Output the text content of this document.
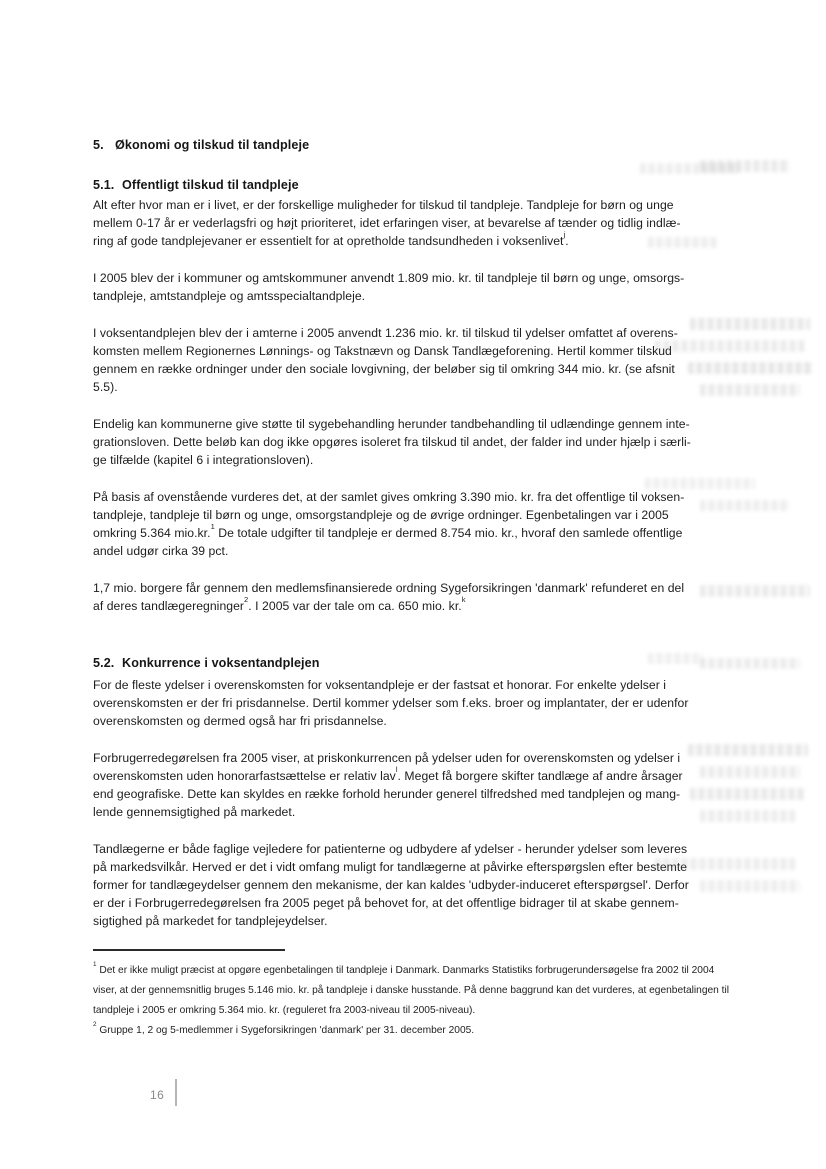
5. Økonomi og tilskud til tandpleje
5.1. Offentligt tilskud til tandpleje
Alt efter hvor man er i livet, er der forskellige muligheder for tilskud til tandpleje. Tandpleje for børn og unge
mellem 0-17 år er vederlagsfri og højt prioriteret, idet erfaringen viser, at bevarelse af tænder og tidlig indlæ-
ring af gode tandplejevaner er essentielt for at opretholde tandsundheden i voksenlivet$^j$.
I 2005 blev der i kommuner og amtskommuner anvendt 1.809 mio. kr. til tandpleje til børn og unge, omsorgs-
tandpleje, amtstandpleje og amtsspecialtandpleje.
I voksentandplejen blev der i amterne i 2005 anvendt 1.236 mio. kr. til tilskud til ydelser omfattet af overens-
komsten mellem Regionernes Lønnings- og Takstnævn og Dansk Tandlægeforening. Hertil kommer tilskud
gennem en række ordninger under den sociale lovgivning, der beløber sig til omkring 344 mio. kr. (se afsnit
5.5).
Endelig kan kommunerne give støtte til sygebehandling herunder tandbehandling til udlændinge gennem inte-
grationsloven. Dette beløb kan dog ikke opgøres isoleret fra tilskud til andet, der falder ind under hjælp i særli-
ge tilfælde (kapitel 6 i integrationsloven).
På basis af ovenstående vurderes det, at der samlet gives omkring 3.390 mio. kr. fra det offentlige til voksen-
tandpleje, tandpleje til børn og unge, omsorgstandpleje og de øvrige ordninger. Egenbetalingen var i 2005
omkring 5.364 mio.kr.$^1$ De totale udgifter til tandpleje er dermed 8.754 mio. kr., hvoraf den samlede offentlige
andel udgør cirka 39 pct.
1,7 mio. borgere får gennem den medlemsfinansierede ordning Sygeforsikringen 'danmark' refunderet en del
af deres tandlægeregninger$^2$. I 2005 var der tale om ca. 650 mio. kr.$^k$
5.2. Konkurrence i voksentandplejen
For de fleste ydelser i overenskomsten for voksentandpleje er der fastsat et honorar. For enkelte ydelser i
overenskomsten er der fri prisdannelse. Dertil kommer ydelser som f.eks. broer og implantater, der er udenfor
overenskomsten og dermed også har fri prisdannelse.
Forbrugerredegørelsen fra 2005 viser, at priskonkurrencen på ydelser uden for overenskomsten og ydelser i
overenskomsten uden honorarfastsættelse er relativ lav$^l$. Meget få borgere skifter tandlæge af andre årsager
end geografiske. Dette kan skyldes en række forhold herunder generel tilfredshed med tandplejen og mang-
lende gennemsigtighed på markedet.
Tandlægerne er både faglige vejledere for patienterne og udbydere af ydelser - herunder ydelser som leveres
på markedsvilkår. Herved er det i vidt omfang muligt for tandlægerne at påvirke efterspørgslen efter bestemte
former for tandlægeydelser gennem den mekanisme, der kan kaldes 'udbyder-induceret efterspørgsel'. Derfor
er der i Forbrugerredegørelsen fra 2005 peget på behovet for, at det offentlige bidrager til at skabe gennem-
sigtighed på markedet for tandplejeydelser.
$^1$ Det er ikke muligt præcist at opgøre egenbetalingen til tandpleje i Danmark. Danmarks Statistiks forbrugerundersøgelse fra 2002 til 2004
viser, at der gennemsnitlig bruges 5.146 mio. kr. på tandpleje i danske husstande. På denne baggrund kan det vurderes, at egenbetalingen til
tandpleje i 2005 er omkring 5.364 mio. kr. (reguleret fra 2003-niveau til 2005-niveau).
$^2$ Gruppe 1, 2 og 5-medlemmer i Sygeforsikringen 'danmark' per 31. december 2005.
16
